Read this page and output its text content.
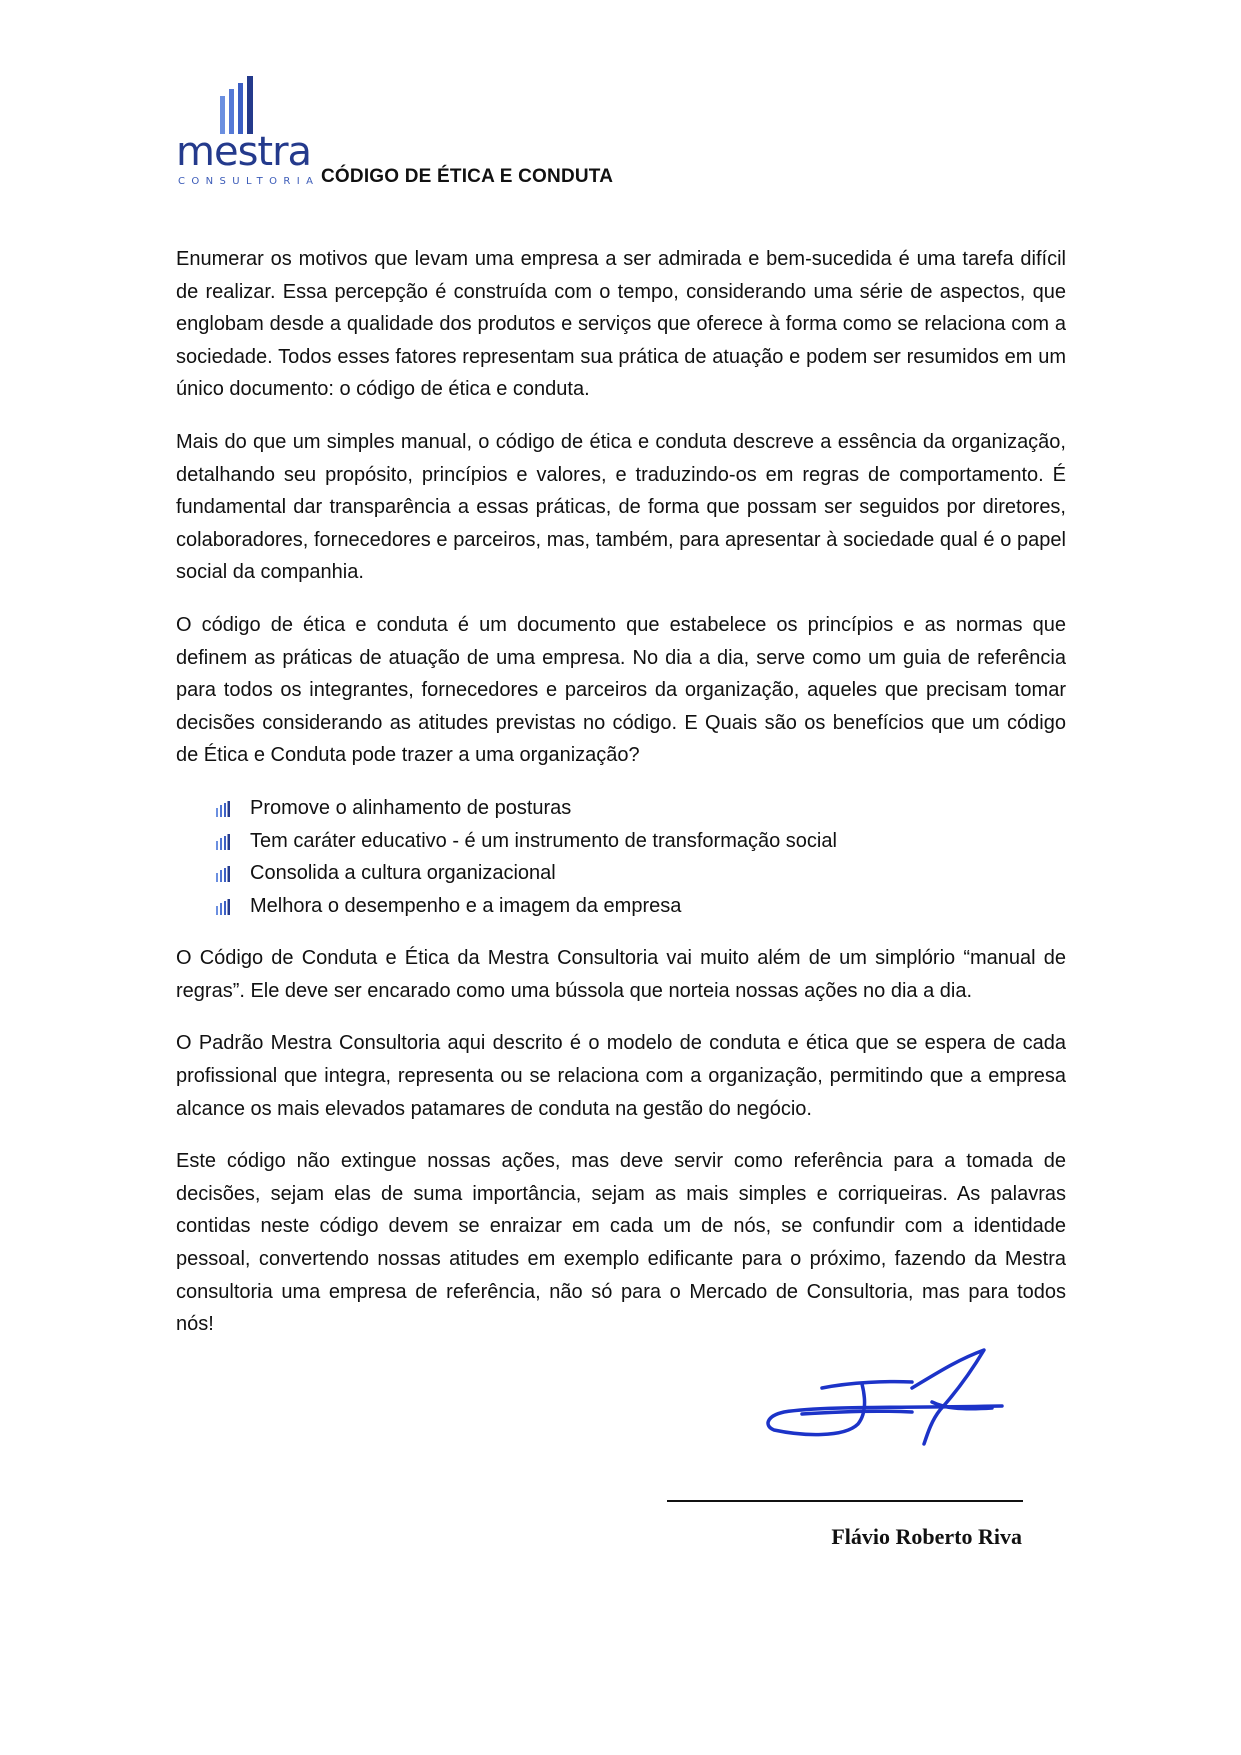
mestra
CONSULTORIA CÓDIGO DE ÉTICA E CONDUTA

Enumerar os motivos que levam uma empresa a ser admirada e bem-sucedida é uma tarefa difícil de realizar. Essa percepção é construída com o tempo, considerando uma série de aspectos, que englobam desde a qualidade dos produtos e serviços que oferece à forma como se relaciona com a sociedade. Todos esses fatores representam sua prática de atuação e podem ser resumidos em um único documento: o código de ética e conduta.

Mais do que um simples manual, o código de ética e conduta descreve a essência da organização, detalhando seu propósito, princípios e valores, e traduzindo-os em regras de comportamento. É fundamental dar transparência a essas práticas, de forma que possam ser seguidos por diretores, colaboradores, fornecedores e parceiros, mas, também, para apresentar à sociedade qual é o papel social da companhia.

O código de ética e conduta é um documento que estabelece os princípios e as normas que definem as práticas de atuação de uma empresa. No dia a dia, serve como um guia de referência para todos os integrantes, fornecedores e parceiros da organização, aqueles que precisam tomar decisões considerando as atitudes previstas no código. E Quais são os benefícios que um código de Ética e Conduta pode trazer a uma organização?

Promove o alinhamento de posturas
Tem caráter educativo - é um instrumento de transformação social
Consolida a cultura organizacional
Melhora o desempenho e a imagem da empresa

O Código de Conduta e Ética da Mestra Consultoria vai muito além de um simplório “manual de regras”. Ele deve ser encarado como uma bússola que norteia nossas ações no dia a dia.

O Padrão Mestra Consultoria aqui descrito é o modelo de conduta e ética que se espera de cada profissional que integra, representa ou se relaciona com a organização, permitindo que a empresa alcance os mais elevados patamares de conduta na gestão do negócio.

Este código não extingue nossas ações, mas deve servir como referência para a tomada de decisões, sejam elas de suma importância, sejam as mais simples e corriqueiras. As palavras contidas neste código devem se enraizar em cada um de nós, se confundir com a identidade pessoal, convertendo nossas atitudes em exemplo edificante para o próximo, fazendo da Mestra consultoria uma empresa de referência, não só para o Mercado de Consultoria, mas para todos nós!

Flávio Roberto Riva
